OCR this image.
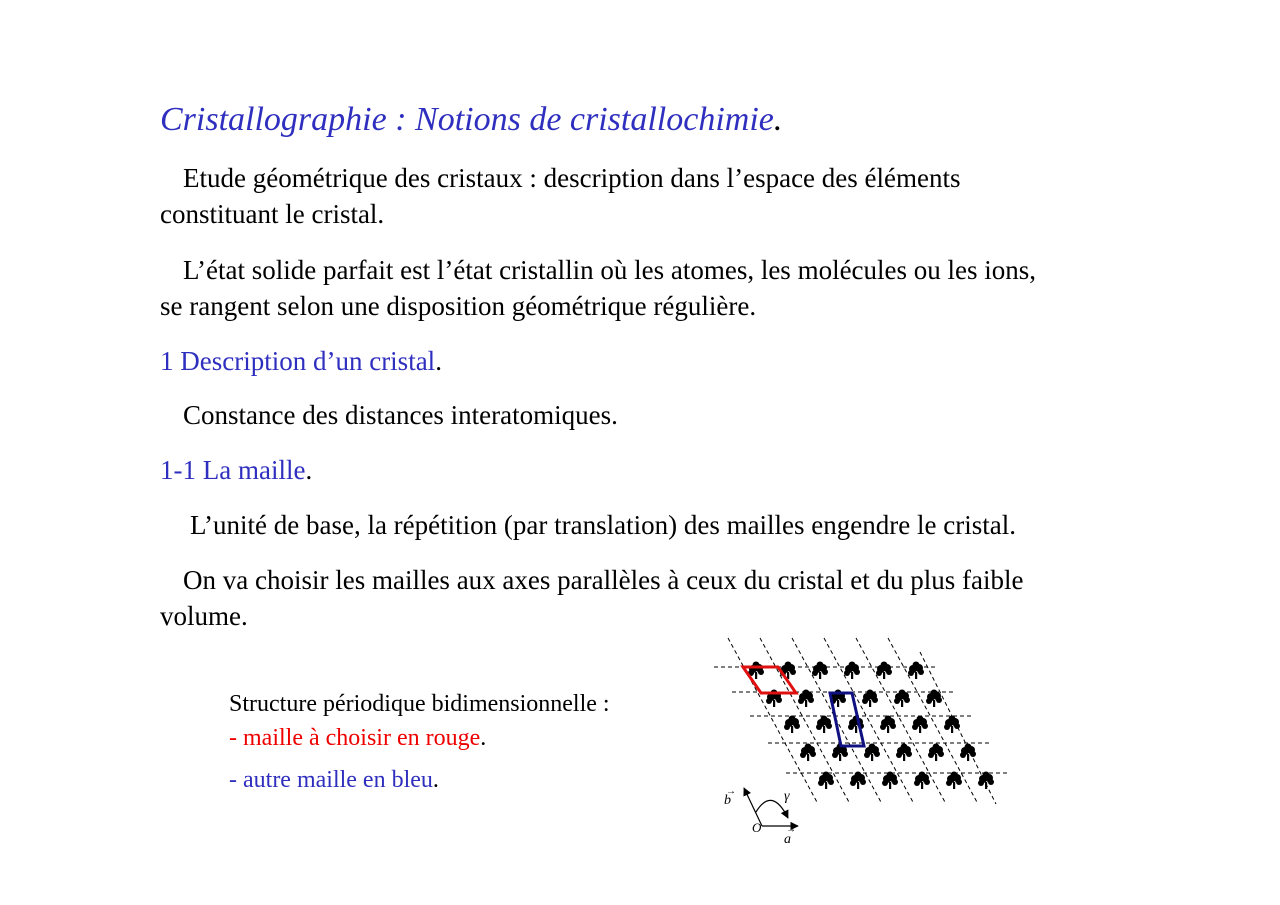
Cristallographie : Notions de cristallochimie.
Etude géométrique des cristaux : description dans l’espace des éléments
constituant le cristal.
L’état solide parfait est l’état cristallin où les atomes, les molécules ou les ions,
se rangent selon une disposition géométrique régulière.
1 Description d’un cristal.
Constance des distances interatomiques.
1-1 La maille.
L’unité de base, la répétition (par translation) des mailles engendre le cristal.
On va choisir les mailles aux axes parallèles à ceux du cristal et du plus faible
volume.
Structure périodique bidimensionnelle :
- maille à choisir en rouge.
- autre maille en bleu.
a
→
b
→
O
γ
